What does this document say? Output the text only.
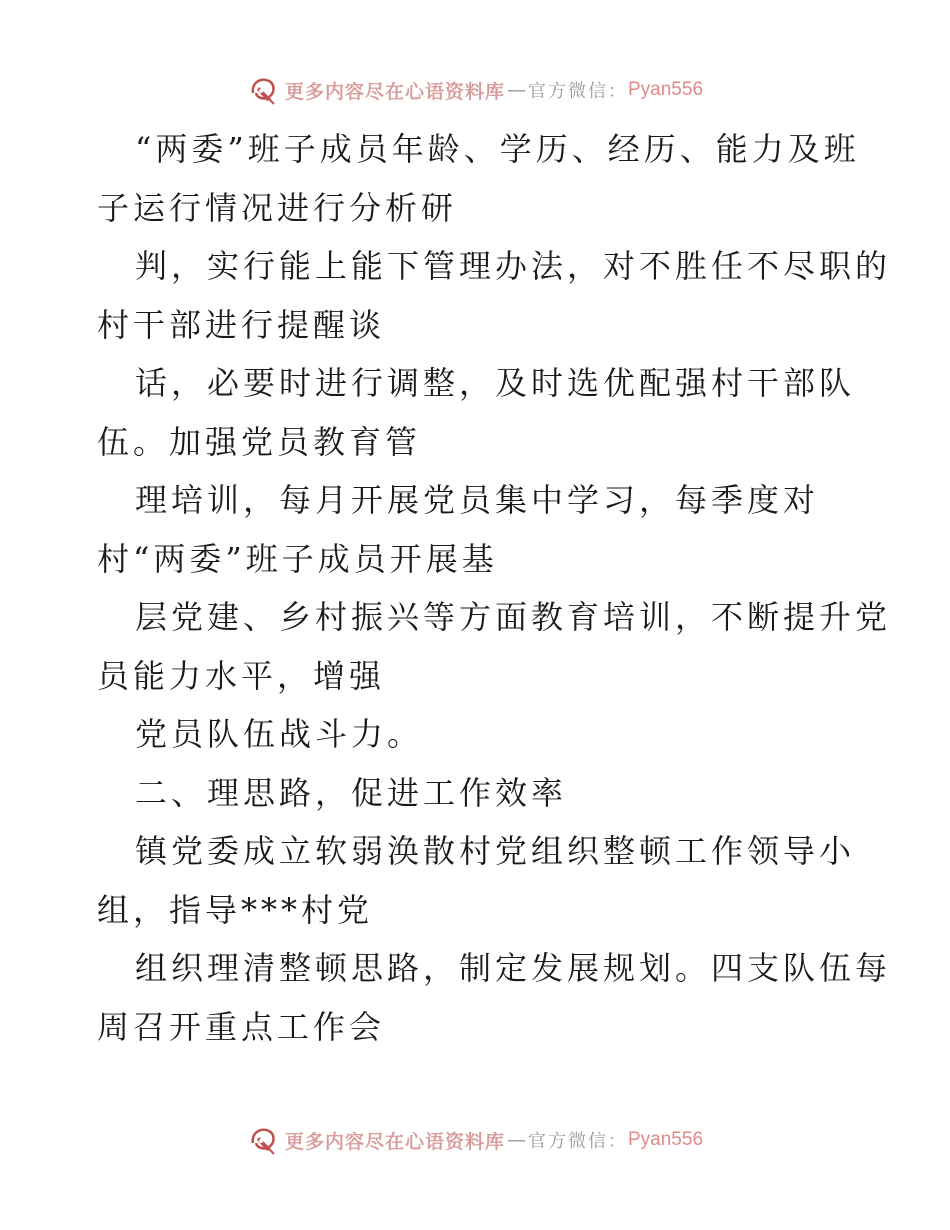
更多内容尽在心语资料库 — 官方微信： Pyan556
“两委”班子成员年龄、学历、经历、能力及班
子运行情况进行分析研
判，实行能上能下管理办法，对不胜任不尽职的
村干部进行提醒谈
话，必要时进行调整，及时选优配强村干部队
伍。加强党员教育管
理培训，每月开展党员集中学习，每季度对
村“两委”班子成员开展基
层党建、乡村振兴等方面教育培训，不断提升党
员能力水平，增强
党员队伍战斗力。
二、理思路，促进工作效率
镇党委成立软弱涣散村党组织整顿工作领导小
组，指导***村党
组织理清整顿思路，制定发展规划。四支队伍每
周召开重点工作会
更多内容尽在心语资料库 — 官方微信： Pyan556
